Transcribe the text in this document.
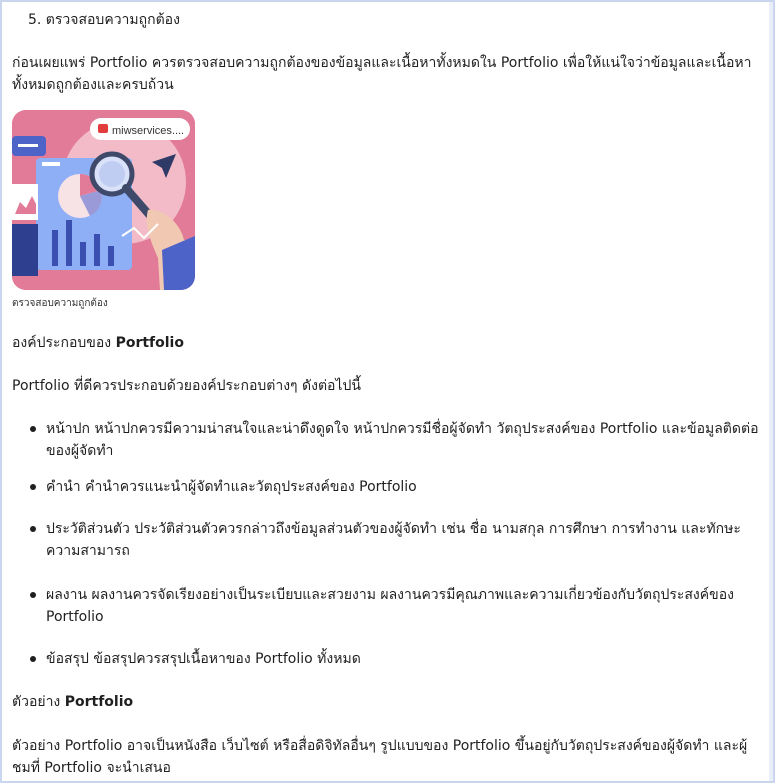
5. ตรวจสอบความถูกต้อง

ก่อนเผยแพร่ Portfolio ควรตรวจสอบความถูกต้องของข้อมูลและเนื้อหาทั้งหมดใน Portfolio เพื่อให้แน่ใจว่าข้อมูลและเนื้อหาทั้งหมดถูกต้องและครบถ้วน

miwservices....
ตรวจสอบความถูกต้อง
องค์ประกอบของ Portfolio
Portfolio ที่ดีควรประกอบด้วยองค์ประกอบต่างๆ ดังต่อไปนี้
หน้าปก หน้าปกควรมีความน่าสนใจและน่าดึงดูดใจ หน้าปกควรมีชื่อผู้จัดทำ วัตถุประสงค์ของ Portfolio และข้อมูลติดต่อของผู้จัดทำ
คำนำ คำนำควรแนะนำผู้จัดทำและวัตถุประสงค์ของ Portfolio
ประวัติส่วนตัว ประวัติส่วนตัวควรกล่าวถึงข้อมูลส่วนตัวของผู้จัดทำ เช่น ชื่อ นามสกุล การศึกษา การทำงาน และทักษะความสามารถ
ผลงาน ผลงานควรจัดเรียงอย่างเป็นระเบียบและสวยงาม ผลงานควรมีคุณภาพและความเกี่ยวข้องกับวัตถุประสงค์ของ Portfolio
ข้อสรุป ข้อสรุปควรสรุปเนื้อหาของ Portfolio ทั้งหมด
ตัวอย่าง Portfolio

ตัวอย่าง Portfolio อาจเป็นหนังสือ เว็บไซต์ หรือสื่อดิจิทัลอื่นๆ รูปแบบของ Portfolio ขึ้นอยู่กับวัตถุประสงค์ของผู้จัดทำ และผู้ชมที่ Portfolio จะนำเสนอ
